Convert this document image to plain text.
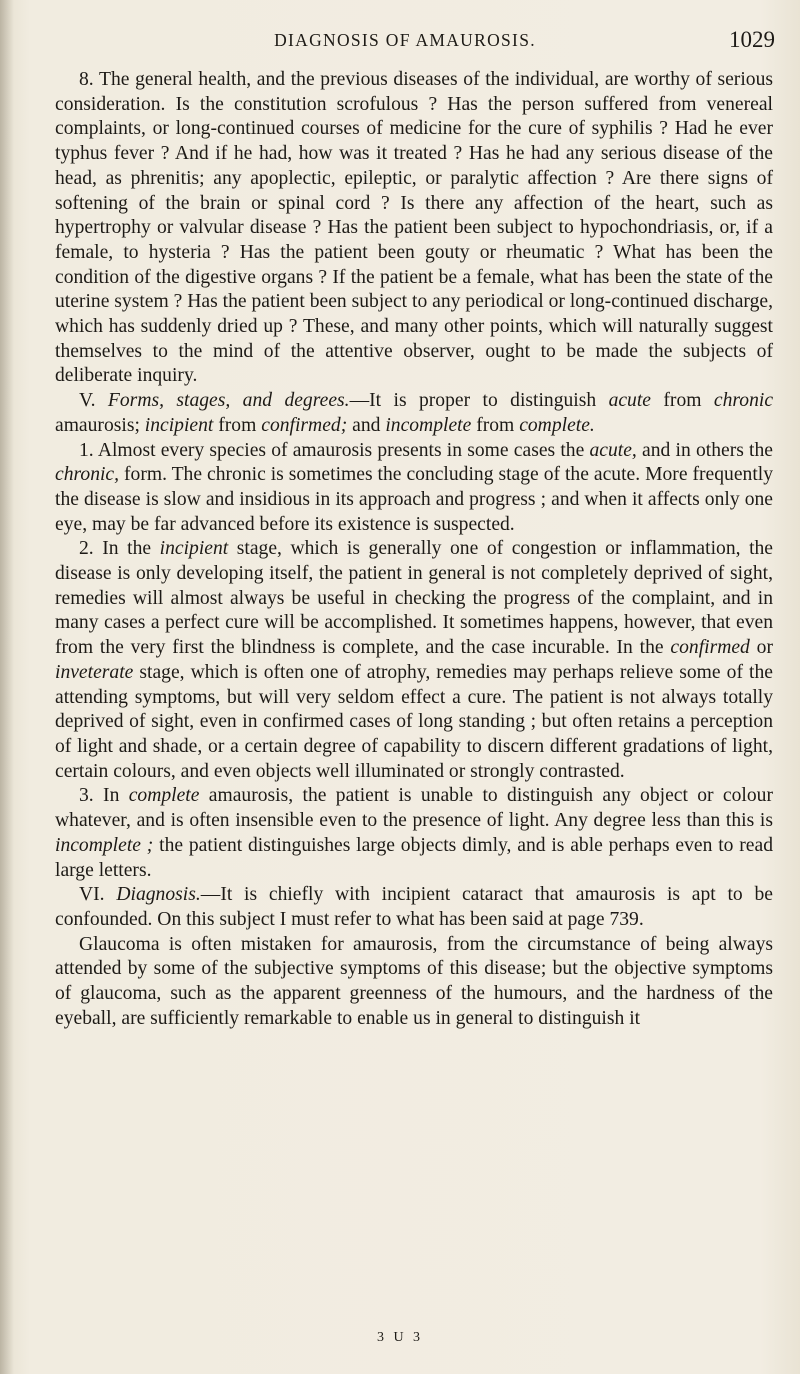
DIAGNOSIS OF AMAUROSIS.	1029

8. The general health, and the previous diseases of the individual, are worthy of serious consideration. Is the constitution scrofulous ? Has the person suffered from venereal complaints, or long-continued courses of medicine for the cure of syphilis ? Had he ever typhus fever ? And if he had, how was it treated ? Has he had any serious disease of the head, as phrenitis; any apoplectic, epileptic, or paralytic affection ? Are there signs of softening of the brain or spinal cord ? Is there any affection of the heart, such as hypertrophy or valvular disease ? Has the patient been subject to hypochondriasis, or, if a female, to hysteria ? Has the patient been gouty or rheumatic ? What has been the condition of the digestive organs ? If the patient be a female, what has been the state of the uterine system ? Has the patient been subject to any periodical or long-continued discharge, which has suddenly dried up ? These, and many other points, which will naturally suggest themselves to the mind of the attentive observer, ought to be made the subjects of deliberate inquiry.

V. Forms, stages, and degrees.—It is proper to distinguish acute from chronic amaurosis; incipient from confirmed; and incomplete from complete.

1. Almost every species of amaurosis presents in some cases the acute, and in others the chronic, form. The chronic is sometimes the concluding stage of the acute. More frequently the disease is slow and insidious in its approach and progress ; and when it affects only one eye, may be far advanced before its existence is suspected.

2. In the incipient stage, which is generally one of congestion or inflammation, the disease is only developing itself, the patient in general is not completely deprived of sight, remedies will almost always be useful in checking the progress of the complaint, and in many cases a perfect cure will be accomplished. It sometimes happens, however, that even from the very first the blindness is complete, and the case incurable. In the confirmed or inveterate stage, which is often one of atrophy, remedies may perhaps relieve some of the attending symptoms, but will very seldom effect a cure. The patient is not always totally deprived of sight, even in confirmed cases of long standing ; but often retains a perception of light and shade, or a certain degree of capability to discern different gradations of light, certain colours, and even objects well illuminated or strongly contrasted.

3. In complete amaurosis, the patient is unable to distinguish any object or colour whatever, and is often insensible even to the presence of light. Any degree less than this is incomplete ; the patient distinguishes large objects dimly, and is able perhaps even to read large letters.

VI. Diagnosis.—It is chiefly with incipient cataract that amaurosis is apt to be confounded. On this subject I must refer to what has been said at page 739.

Glaucoma is often mistaken for amaurosis, from the circumstance of being always attended by some of the subjective symptoms of this disease; but the objective symptoms of glaucoma, such as the apparent greenness of the humours, and the hardness of the eyeball, are sufficiently remarkable to enable us in general to distinguish it

3 U 3
